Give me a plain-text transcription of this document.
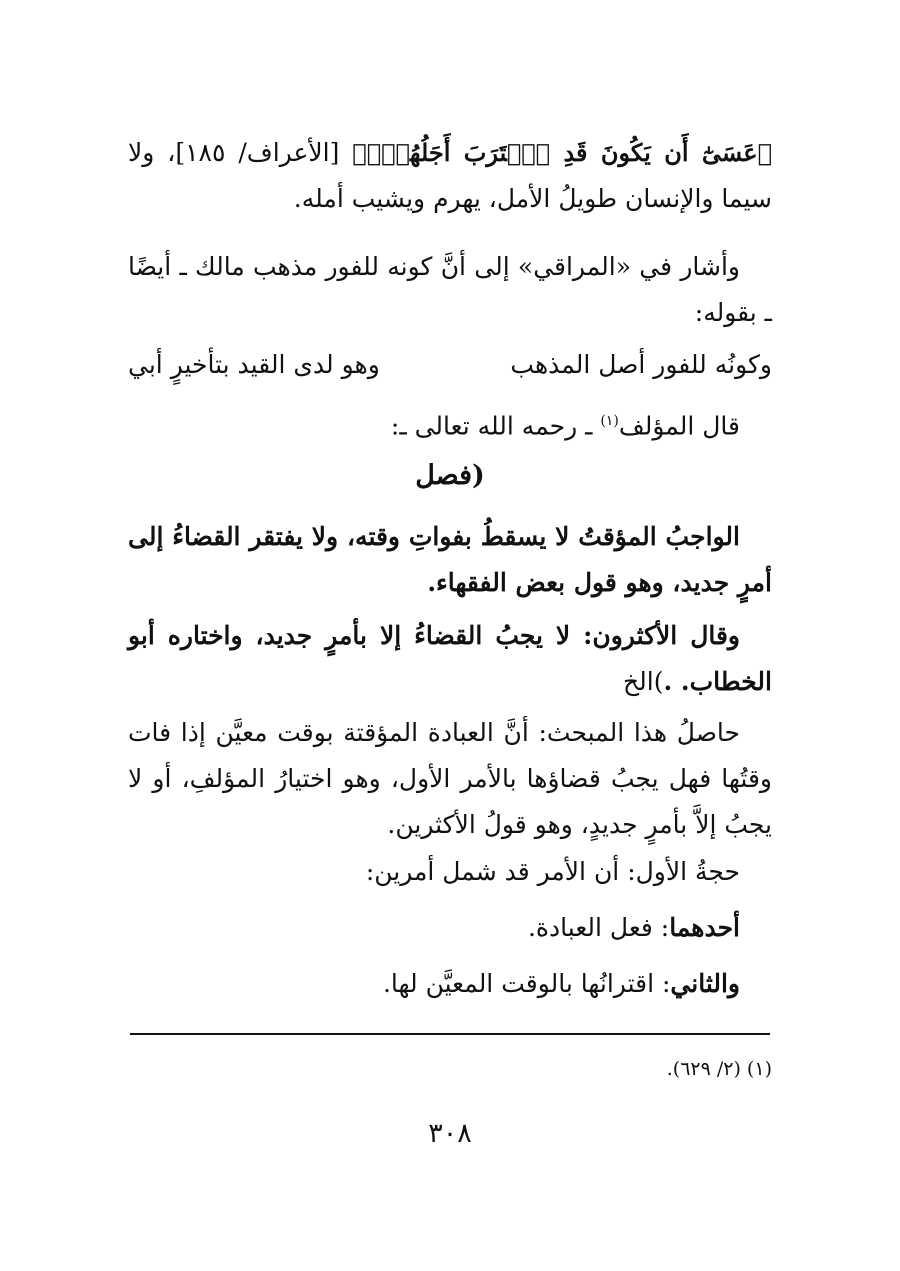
﴿عَسَىٰٓ أَن يَكُونَ قَدِ ٱقۡتَرَبَ أَجَلُهُمۡۖ﴾ [الأعراف/ ١٨٥]، ولا سيما والإنسان طويلُ الأمل، يهرم ويشيب أمله.

وأشار في «المراقي» إلى أنَّ كونه للفور مذهب مالك ـ أيضًا ـ بقوله:

وكونُه للفور أصل المذهب
وهو لدى القيد بتأخيرٍ أبي

قال المؤلف$^{(١)}$ ـ رحمه الله تعالى ـ:

(فصل

الواجبُ المؤقتُ لا يسقطُ بفواتِ وقته، ولا يفتقر القضاءُ إلى أمرٍ جديد، وهو قول بعض الفقهاء.

وقال الأكثرون: لا يجبُ القضاءُ إلا بأمرٍ جديد، واختاره أبو الخطاب. .)الخ

حاصلُ هذا المبحث: أنَّ العبادة المؤقتة بوقت معيَّن إذا فات وقتُها فهل يجبُ قضاؤها بالأمر الأول، وهو اختيارُ المؤلفِ، أو لا يجبُ إلاَّ بأمرٍ جديدٍ، وهو قولُ الأكثرين.

حجةُ الأول: أن الأمر قد شمل أمرين:

أحدهما: فعل العبادة.

والثاني: اقترانُها بالوقت المعيَّن لها.

(١) (٢/ ٦٢٩).
٣٠٨
